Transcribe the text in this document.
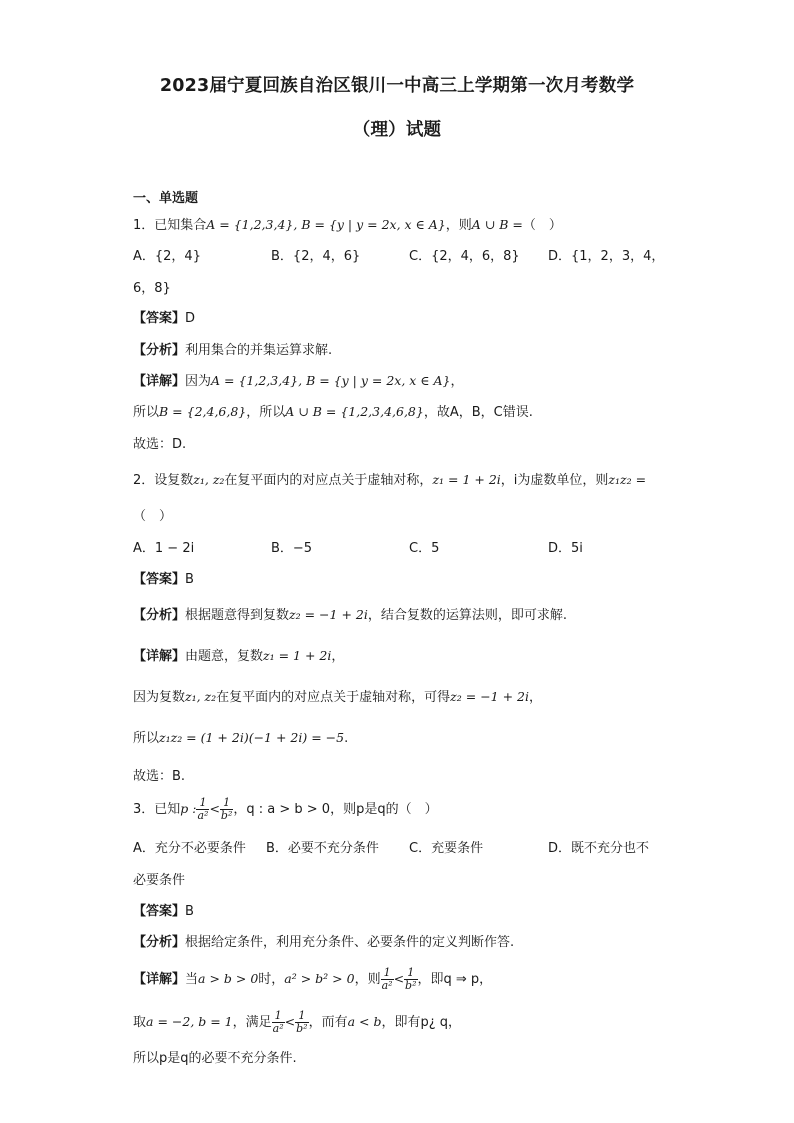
2023届宁夏回族自治区银川一中高三上学期第一次月考数学
（理）试题
一、单选题
1．已知集合A = {1,2,3,4}, B = {y | y = 2x, x ∈ A}，则A ∪ B =（　）
A．{2，4}	B．{2，4，6}	C．{2，4，6，8} D．{1，2，3，4，
6，8}
【答案】D
【分析】利用集合的并集运算求解.
【详解】因为A = {1,2,3,4}, B = {y | y = 2x, x ∈ A}，
所以B = {2,4,6,8}，所以A ∪ B = {1,2,3,4,6,8}，故A，B，C错误.
故选：D.
2．设复数z₁, z₂在复平面内的对应点关于虚轴对称，z₁ = 1 + 2i，i为虚数单位，则z₁z₂ =
（　）
A．1 − 2i	B．−5	C．5	D．5i
【答案】B
【分析】根据题意得到复数z₂ = −1 + 2i，结合复数的运算法则，即可求解.
【详解】由题意，复数z₁ = 1 + 2i，
因为复数z₁, z₂在复平面内的对应点关于虚轴对称，可得z₂ = −1 + 2i，
所以z₁z₂ = (1 + 2i)(−1 + 2i) = −5.
故选：B.
3．已知p : $\frac{1}{\text{a²}} < \frac{1}{\text{b²}}$ ，q : a > b > 0，则p是q的（　）
A．充分不必要条件 B．必要不充分条件 C．充要条件	D．既不充分也不
必要条件
【答案】B
【分析】根据给定条件，利用充分条件、必要条件的定义判断作答.
【详解】当a > b > 0时，a² > b² > 0，则 $\frac{1}{\text{a²}} < \frac{1}{\text{b²}}$ ，即q ⇒ p，
取a = −2, b = 1，满足 $\frac{1}{\text{a²}} < \frac{1}{\text{b²}}$ ，而有a < b，即有p¿ q，
所以p是q的必要不充分条件.
